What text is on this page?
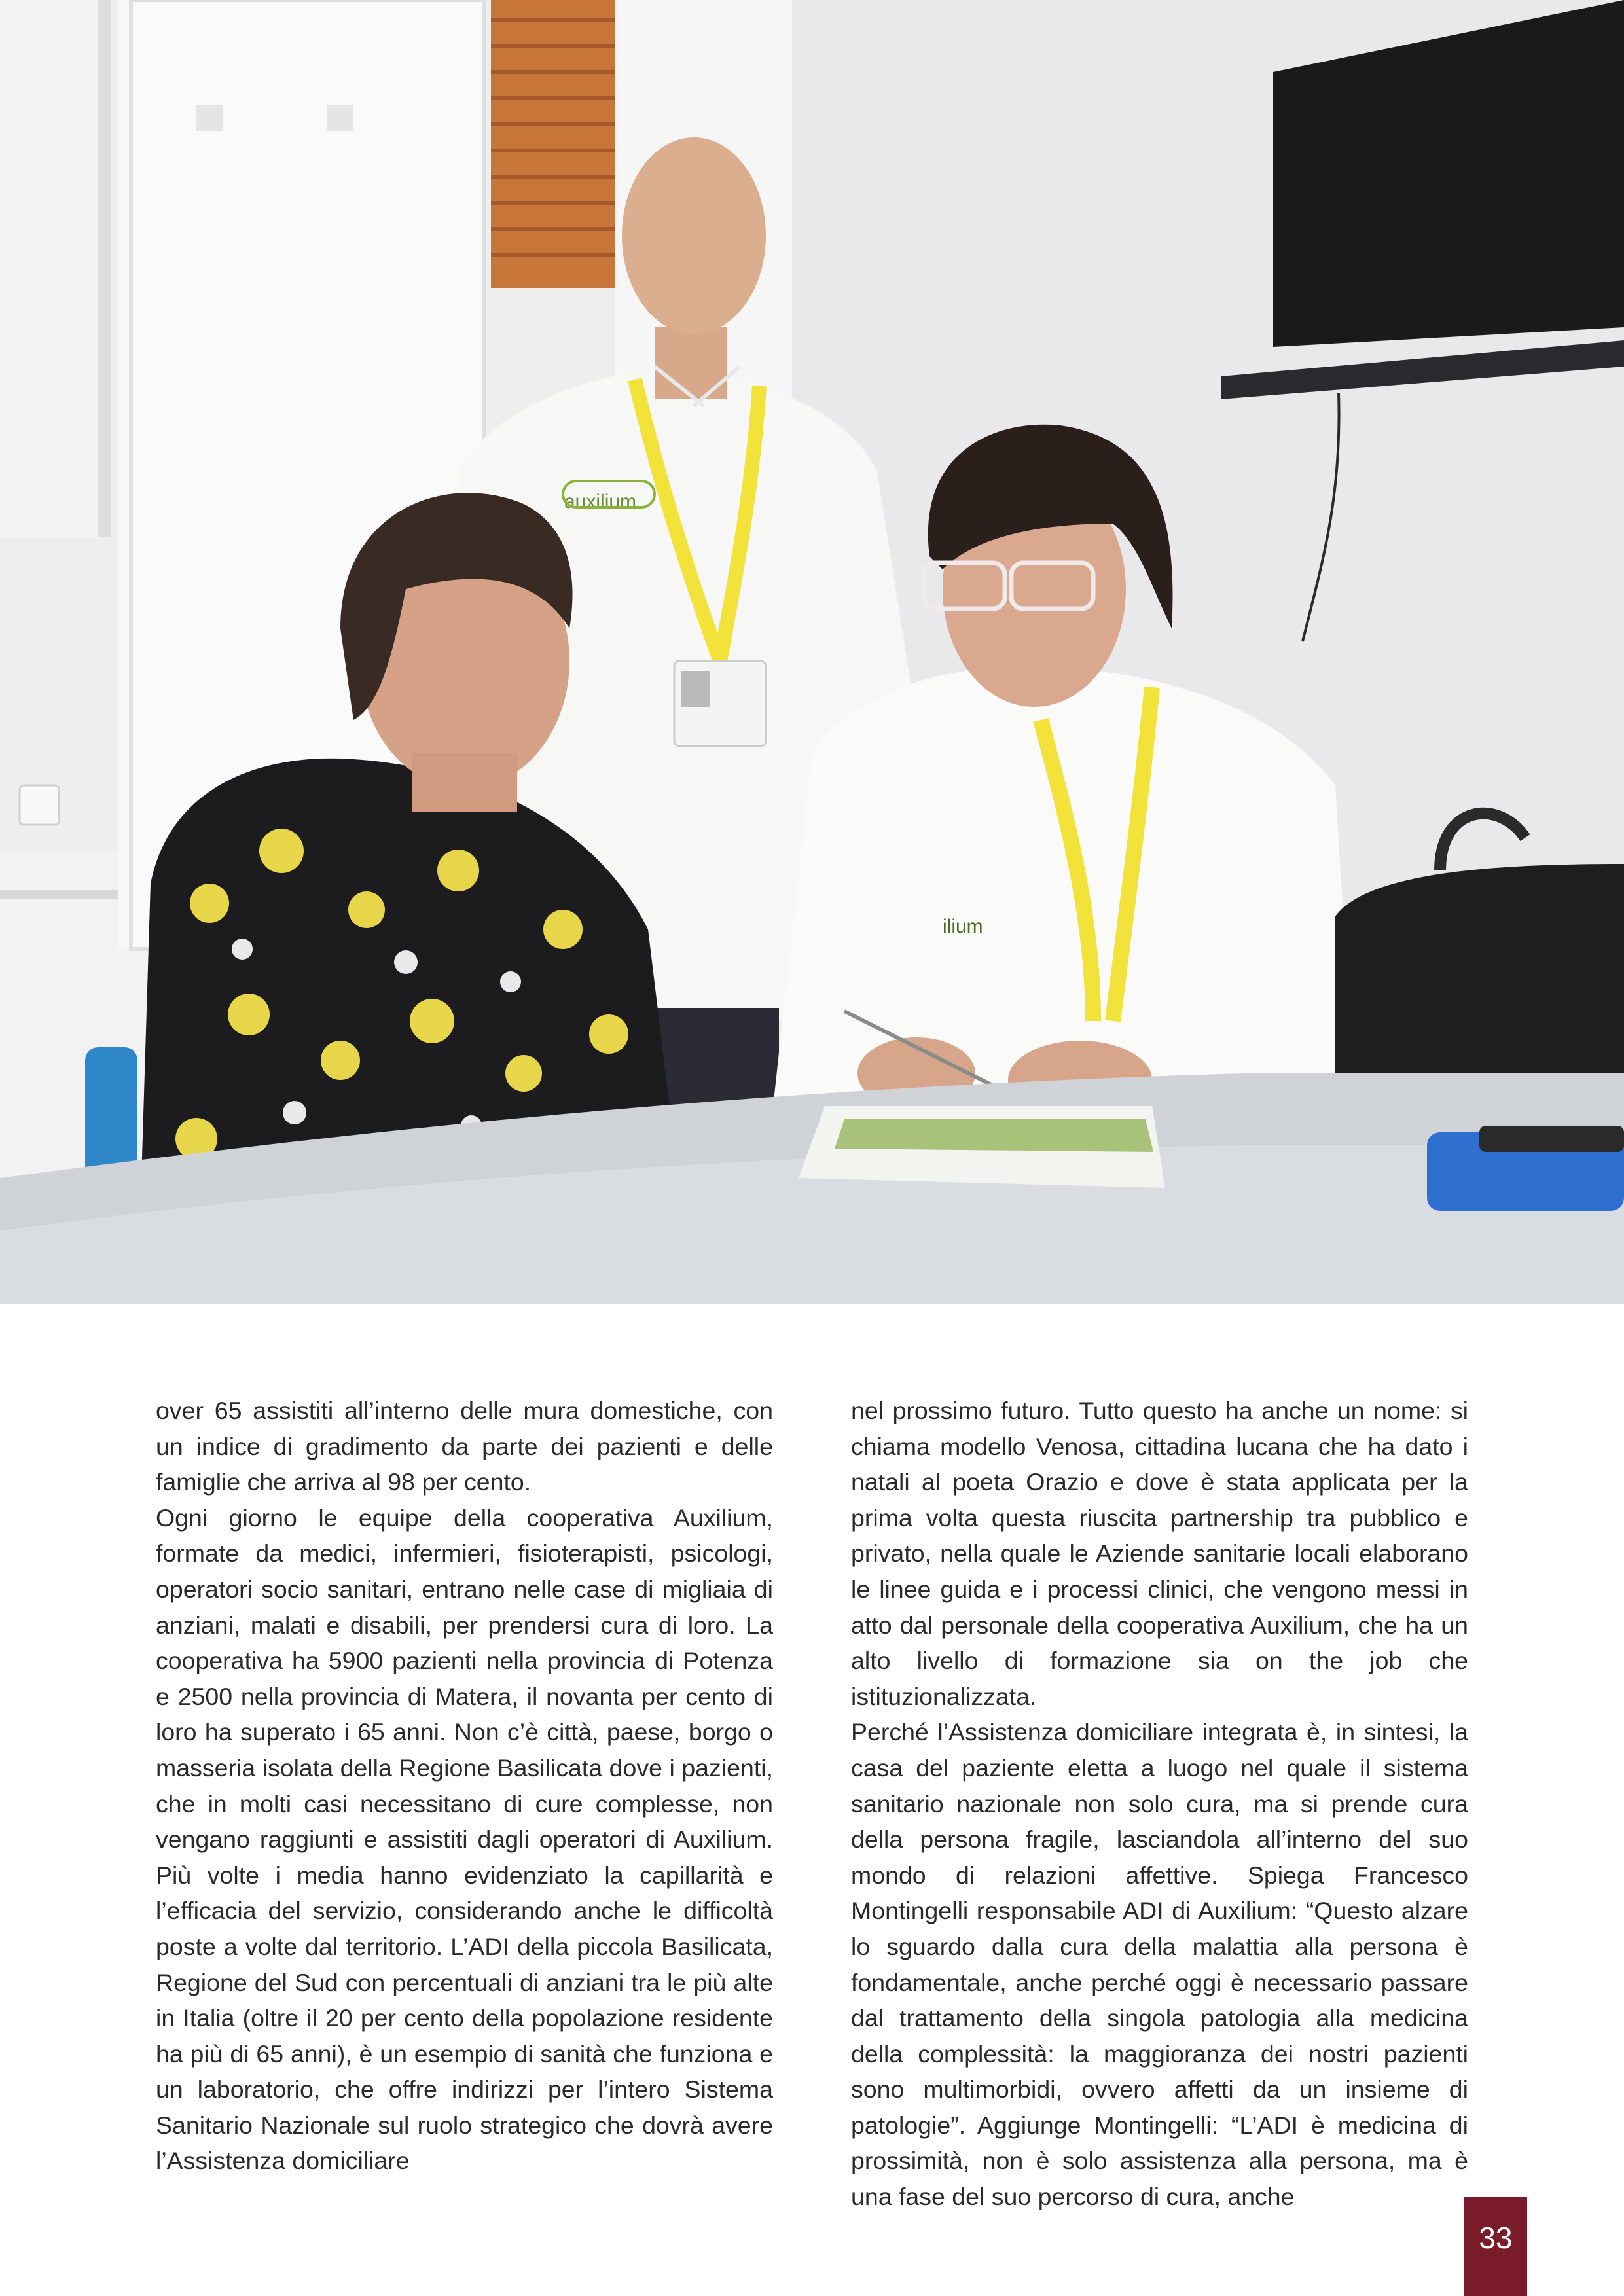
auxilium
ilium

over 65 assistiti all’interno delle mura domestiche, con un indice di gradimento da parte dei pazienti e delle famiglie che arriva al 98 per cento.

Ogni giorno le equipe della cooperativa Auxilium, formate da medici, infermieri, fisioterapisti, psicologi, operatori socio sanitari, entrano nelle case di migliaia di anziani, malati e disabili, per prendersi cura di loro. La cooperativa ha 5900 pazienti nella provincia di Potenza e 2500 nella provincia di Matera, il novanta per cento di loro ha superato i 65 anni. Non c’è città, paese, borgo o masseria isolata della Regione Basilicata dove i pazienti, che in molti casi necessitano di cure complesse, non vengano raggiunti e assistiti dagli operatori di Auxilium. Più volte i media hanno evidenziato la capillarità e l’efficacia del servizio, considerando anche le difficoltà poste a volte dal territorio. L’ADI della piccola Basilicata, Regione del Sud con percentuali di anziani tra le più alte in Italia (oltre il 20 per cento della popolazione residente ha più di 65 anni), è un esempio di sanità che funziona e un laboratorio, che offre indirizzi per l’intero Sistema Sanitario Nazionale sul ruolo strategico che dovrà avere l’Assistenza domiciliare

nel prossimo futuro. Tutto questo ha anche un nome: si chiama modello Venosa, cittadina lucana che ha dato i natali al poeta Orazio e dove è stata applicata per la prima volta questa riuscita partnership tra pubblico e privato, nella quale le Aziende sanitarie locali elaborano le linee guida e i processi clinici, che vengono messi in atto dal personale della cooperativa Auxilium, che ha un alto livello di formazione sia on the job che istituzionalizzata.

Perché l’Assistenza domiciliare integrata è, in sintesi, la casa del paziente eletta a luogo nel quale il sistema sanitario nazionale non solo cura, ma si prende cura della persona fragile, lasciandola all’interno del suo mondo di relazioni affettive. Spiega Francesco Montingelli responsabile ADI di Auxilium: “Questo alzare lo sguardo dalla cura della malattia alla persona è fondamentale, anche perché oggi è necessario passare dal trattamento della singola patologia alla medicina della complessità: la maggioranza dei nostri pazienti sono multimorbidi, ovvero affetti da un insieme di patologie”. Aggiunge Montingelli: “L’ADI è medicina di prossimità, non è solo assistenza alla persona, ma è una fase del suo percorso di cura, anche

33
